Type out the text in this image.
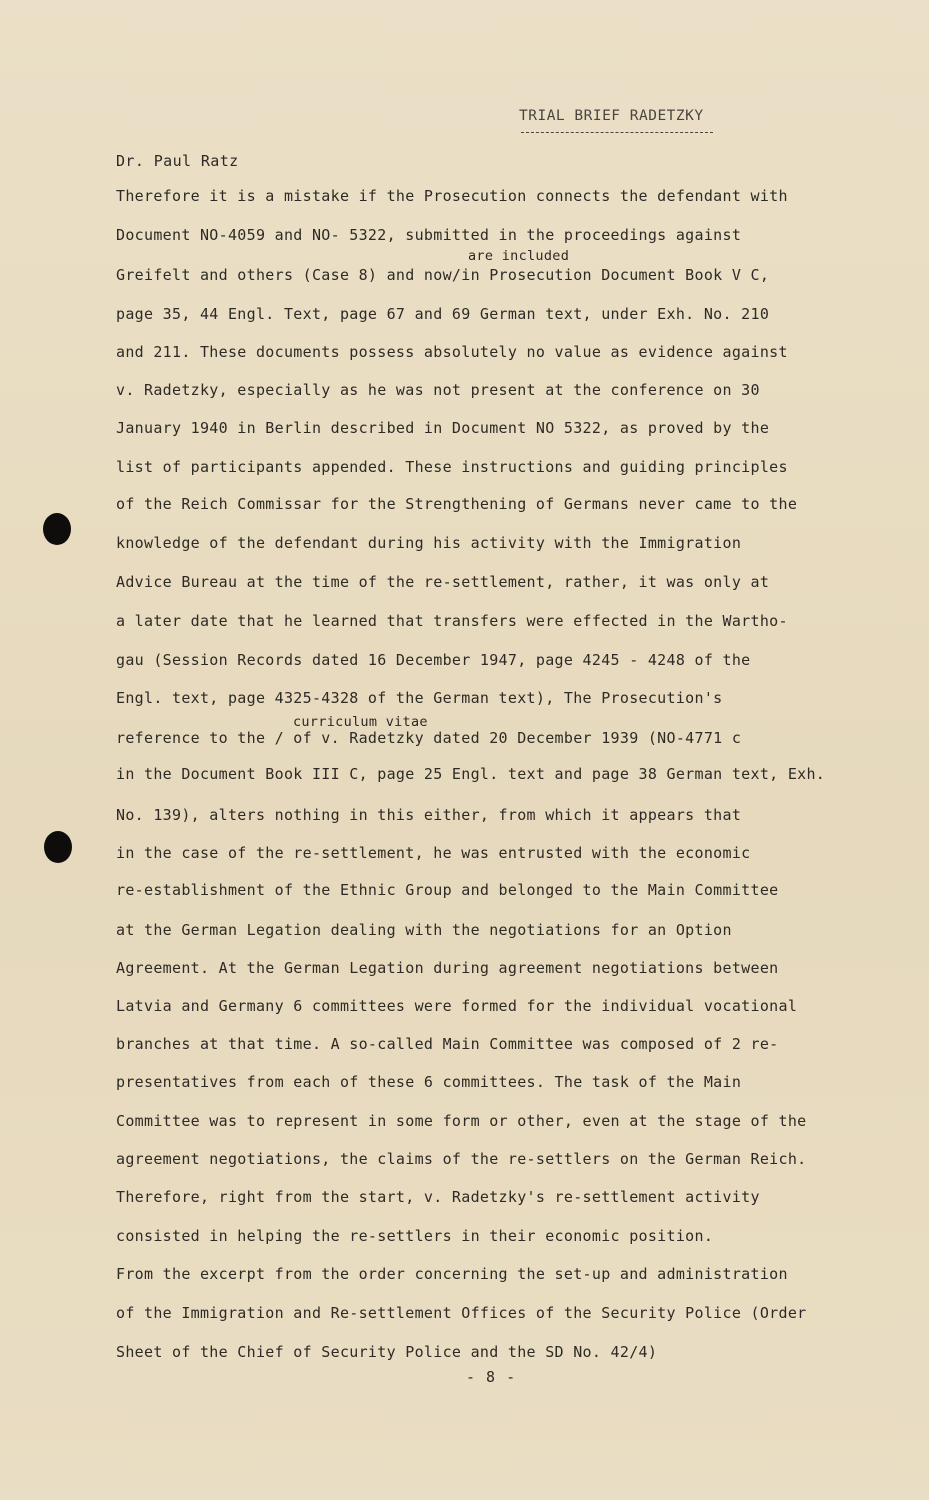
TRIAL BRIEF RADETZKY
Dr. Paul Ratz
are included
curriculum vitae
Therefore it is a mistake if the Prosecution connects the defendant with
Document NO-4059 and NO- 5322, submitted in the proceedings against
Greifelt and others (Case 8) and now/in Prosecution Document Book V C,
page 35, 44 Engl. Text, page 67 and 69 German text, under Exh. No. 210
and 211. These documents possess absolutely no value as evidence against
v. Radetzky, especially as he was not present at the conference on 30
January 1940 in Berlin described in Document NO 5322, as proved by the
list of participants appended. These instructions and guiding principles
of the Reich Commissar for the Strengthening of Germans never came to the
knowledge of the defendant during his activity with the Immigration
Advice Bureau at the time of the re-settlement, rather, it was only at
a later date that he learned that transfers were effected in the Wartho-
gau (Session Records dated 16 December 1947, page 4245 - 4248 of the
Engl. text, page 4325-4328 of the German text), The Prosecution's
reference to the / of v. Radetzky dated 20 December 1939 (NO-4771 c
in the Document Book III C, page 25 Engl. text and page 38 German text, Exh.
No. 139), alters nothing in this either, from which it appears that
in the case of the re-settlement, he was entrusted with the economic
re-establishment of the Ethnic Group and belonged to the Main Committee
at the German Legation dealing with the negotiations for an Option
Agreement. At the German Legation during agreement negotiations between
Latvia and Germany 6 committees were formed for the individual vocational
branches at that time. A so-called Main Committee was composed of 2 re-
presentatives from each of these 6 committees. The task of the Main
Committee was to represent in some form or other, even at the stage of the
agreement negotiations, the claims of the re-settlers on the German Reich.
Therefore, right from the start, v. Radetzky's re-settlement activity
consisted in helping the re-settlers in their economic position.
From the excerpt from the order concerning the set-up and administration
of the Immigration and Re-settlement Offices of the Security Police (Order
Sheet of the Chief of Security Police and the SD No. 42/4)
- 8 -
